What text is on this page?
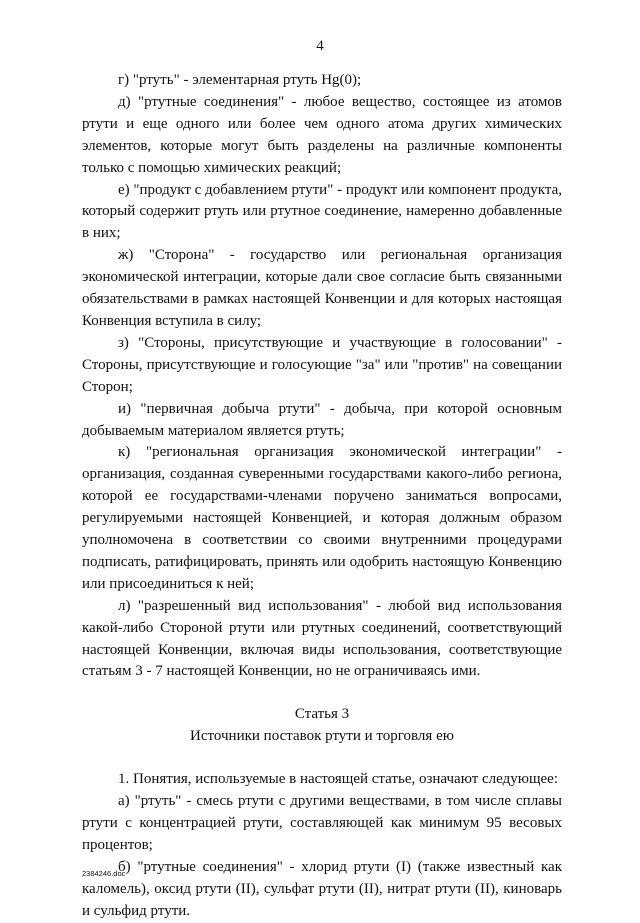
4

г) "ртуть" - элементарная ртуть Hg(0);

д) "ртутные соединения" - любое вещество, состоящее из атомов ртути и еще одного или более чем одного атома других химических элементов, которые могут быть разделены на различные компоненты только с помощью химических реакций;

е) "продукт с добавлением ртути" - продукт или компонент продукта, который содержит ртуть или ртутное соединение, намеренно добавленные в них;

ж) "Сторона" - государство или региональная организация экономической интеграции, которые дали свое согласие быть связанными обязательствами в рамках настоящей Конвенции и для которых настоящая Конвенция вступила в силу;

з) "Стороны, присутствующие и участвующие в голосовании" - Стороны, присутствующие и голосующие "за" или "против" на совещании Сторон;

и) "первичная добыча ртути" - добыча, при которой основным добываемым материалом является ртуть;

к) "региональная организация экономической интеграции" - организация, созданная суверенными государствами какого-либо региона, которой ее государствами-членами поручено заниматься вопросами, регулируемыми настоящей Конвенцией, и которая должным образом уполномочена в соответствии со своими внутренними процедурами подписать, ратифицировать, принять или одобрить настоящую Конвенцию или присоединиться к ней;

л) "разрешенный вид использования" - любой вид использования какой-либо Стороной ртути или ртутных соединений, соответствующий настоящей Конвенции, включая виды использования, соответствующие статьям 3 - 7 настоящей Конвенции, но не ограничиваясь ими.

Статья 3

Источники поставок ртути и торговля ею

1. Понятия, используемые в настоящей статье, означают следующее:

а) "ртуть" - смесь ртути с другими веществами, в том числе сплавы ртути с концентрацией ртути, составляющей как минимум 95 весовых процентов;

б) "ртутные соединения" - хлорид ртути (I) (также известный как каломель), оксид ртути (II), сульфат ртути (II), нитрат ртути (II), киноварь и сульфид ртути.

2384246.doc
